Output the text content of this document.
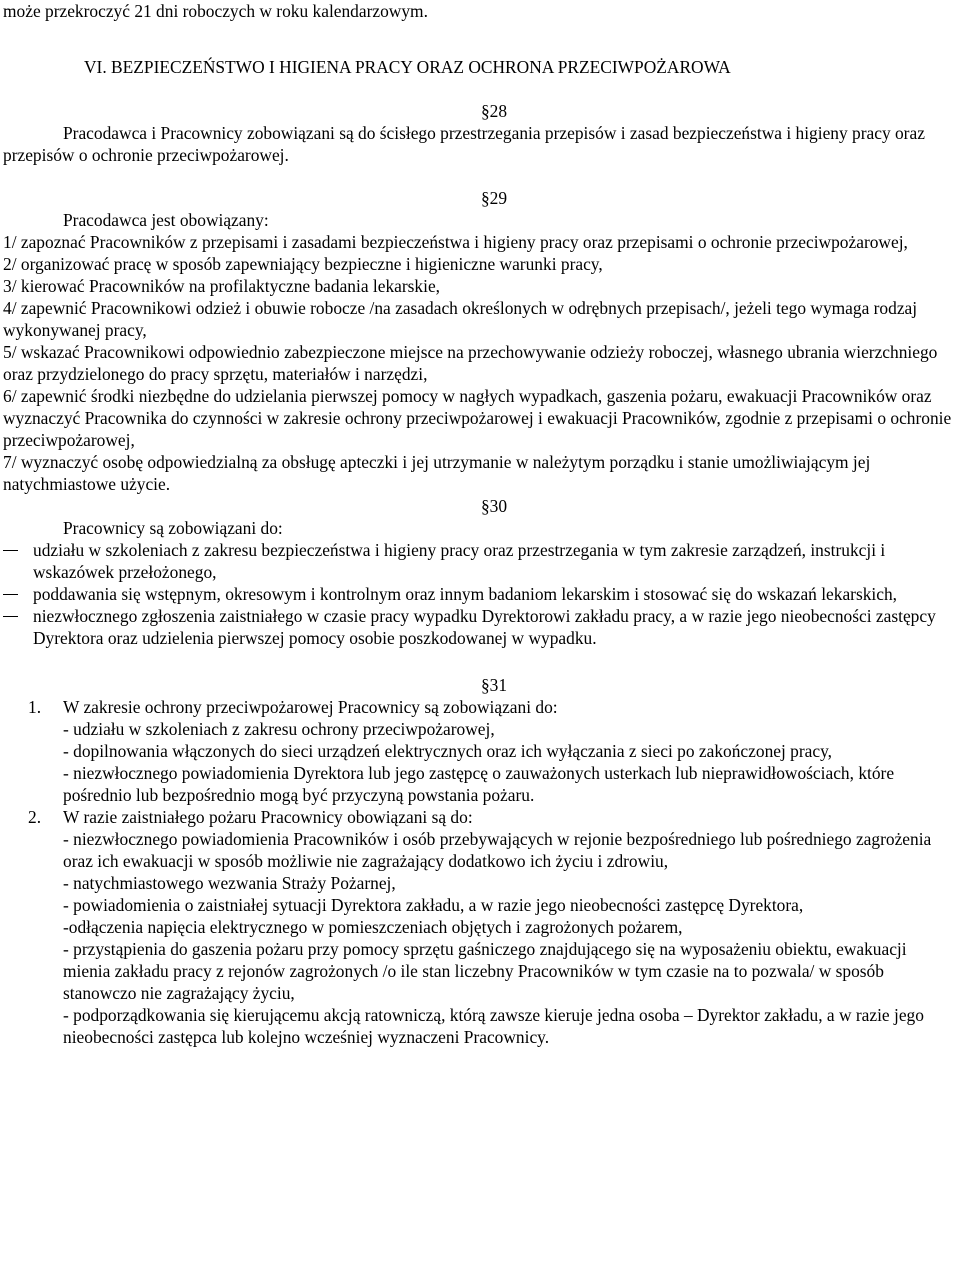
może przekroczyć 21 dni roboczych w roku kalendarzowym.

VI. BEZPIECZEŃSTWO I HIGIENA PRACY ORAZ OCHRONA PRZECIWPOŻAROWA

§28

Pracodawca i Pracownicy zobowiązani są do ścisłego przestrzegania przepisów i zasad bezpieczeństwa i higieny pracy oraz przepisów o ochronie przeciwpożarowej.

§29

Pracodawca jest obowiązany:

1/ zapoznać Pracowników z przepisami i zasadami bezpieczeństwa i higieny pracy oraz przepisami o ochronie przeciwpożarowej,

2/ organizować pracę w sposób zapewniający bezpieczne i higieniczne warunki pracy,

3/ kierować Pracowników na profilaktyczne badania lekarskie,

4/ zapewnić Pracownikowi odzież i obuwie robocze /na zasadach określonych w odrębnych przepisach/, jeżeli tego wymaga rodzaj wykonywanej pracy,

5/ wskazać Pracownikowi odpowiednio zabezpieczone miejsce na przechowywanie odzieży roboczej, własnego ubrania wierzchniego oraz przydzielonego do pracy sprzętu, materiałów i narzędzi,

6/ zapewnić środki niezbędne do udzielania pierwszej pomocy w nagłych wypadkach, gaszenia pożaru, ewakuacji Pracowników oraz wyznaczyć Pracownika do czynności w zakresie ochrony przeciwpożarowej i ewakuacji Pracowników, zgodnie z przepisami o ochronie przeciwpożarowej,

7/ wyznaczyć osobę odpowiedzialną za obsługę apteczki i jej utrzymanie w należytym porządku i stanie umożliwiającym jej natychmiastowe użycie.

§30

Pracownicy są zobowiązani do:

udziału w szkoleniach z zakresu bezpieczeństwa i higieny pracy oraz przestrzegania w tym zakresie zarządzeń, instrukcji i wskazówek przełożonego,
poddawania się wstępnym, okresowym i kontrolnym oraz innym badaniom lekarskim i stosować się do wskazań lekarskich,
niezwłocznego zgłoszenia zaistniałego w czasie pracy wypadku Dyrektorowi zakładu pracy, a w razie jego nieobecności zastępcy Dyrektora oraz udzielenia pierwszej pomocy osobie poszkodowanej w wypadku.

§31

1. W zakresie ochrony przeciwpożarowej Pracownicy są zobowiązani do:
- udziału w szkoleniach z zakresu ochrony przeciwpożarowej,
- dopilnowania włączonych do sieci urządzeń elektrycznych oraz ich wyłączania z sieci po zakończonej pracy,
- niezwłocznego powiadomienia Dyrektora lub jego zastępcę o zauważonych usterkach lub nieprawidłowościach, które pośrednio lub bezpośrednio mogą być przyczyną powstania pożaru.
2. W razie zaistniałego pożaru Pracownicy obowiązani są do:
- niezwłocznego powiadomienia Pracowników i osób przebywających w rejonie bezpośredniego lub pośredniego zagrożenia oraz ich ewakuacji w sposób możliwie nie zagrażający dodatkowo ich życiu i zdrowiu,
- natychmiastowego wezwania Straży Pożarnej,
- powiadomienia o zaistniałej sytuacji Dyrektora zakładu, a w razie jego nieobecności zastępcę Dyrektora,
-odłączenia napięcia elektrycznego w pomieszczeniach objętych i zagrożonych pożarem,
- przystąpienia do gaszenia pożaru przy pomocy sprzętu gaśniczego znajdującego się na wyposażeniu obiektu, ewakuacji mienia zakładu pracy z rejonów zagrożonych /o ile stan liczebny Pracowników w tym czasie na to pozwala/ w sposób stanowczo nie zagrażający życiu,
- podporządkowania się kierującemu akcją ratowniczą, którą zawsze kieruje jedna osoba – Dyrektor zakładu, a w razie jego nieobecności zastępca lub kolejno wcześniej wyznaczeni Pracownicy.
